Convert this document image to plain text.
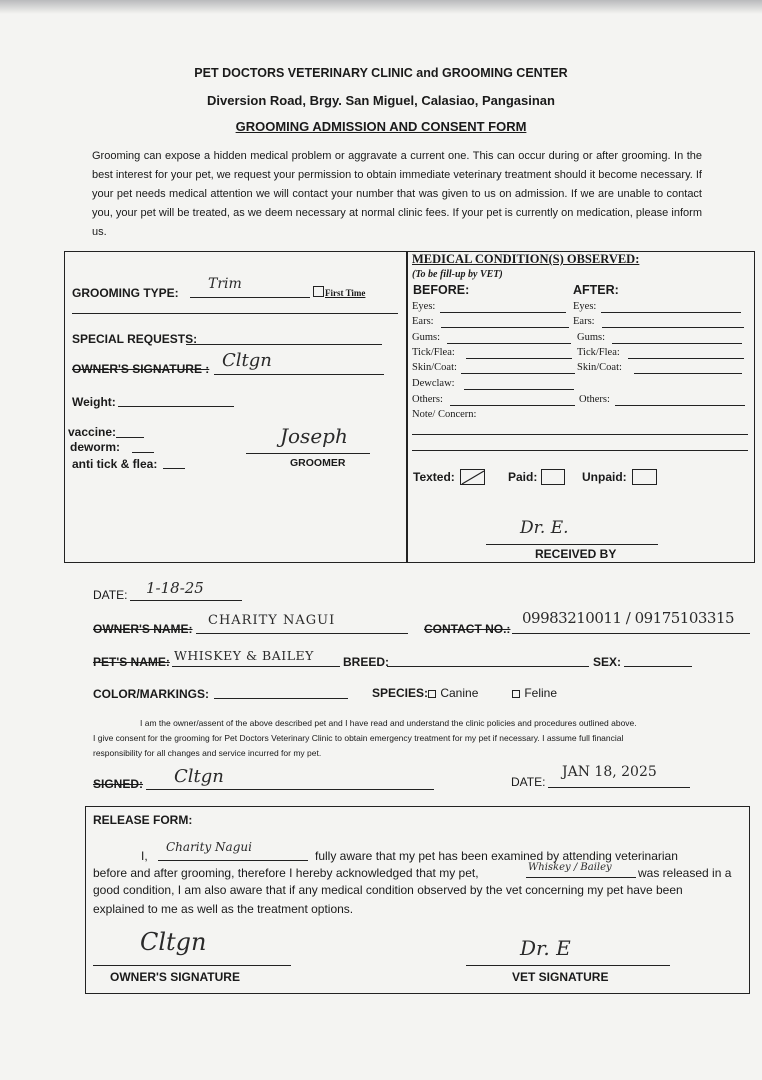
PET DOCTORS VETERINARY CLINIC and GROOMING CENTER
Diversion Road, Brgy. San Miguel, Calasiao, Pangasinan
GROOMING ADMISSION AND CONSENT FORM
Grooming can expose a hidden medical problem or aggravate a current one. This can occur during or after grooming. In the best interest for your pet, we request your permission to obtain immediate veterinary treatment should it become necessary. If your pet needs medical attention we will contact your number that was given to us on admission. If we are unable to contact you, your pet will be treated, as we deem necessary at normal clinic fees. If your pet is currently on medication, please inform us.
GROOMING TYPE:
Trim
First Time
SPECIAL REQUESTS:
OWNER'S SIGNATURE : Cltgn
Weight:
vaccine:
deworm:
anti tick & flea:
Joseph
GROOMER
MEDICAL CONDITION(S) OBSERVED:
(To be fill-up by VET)
BEFORE:	AFTER:
Eyes:
Ears:
Gums:
Tick/Flea:
Skin/Coat:
Dewclaw:
Others:
Eyes:
Ears:
Gums:
Tick/Flea:
Skin/Coat:
Others:
Note/ Concern:
Texted:	Paid:	Unpaid:
Dr. E.
RECEIVED BY
DATE: 1-18-25
OWNER'S NAME:
CHARITY NAGUI
CONTACT NO.:
09983210011 / 09175103315
PET'S NAME: WHISKEY & BAILEY BREED:	SEX:
COLOR/MARKINGS:	SPECIES:	Canine	Feline
I am the owner/assent of the above described pet and I have read and understand the clinic policies and procedures outlined above.
I give consent for the grooming for Pet Doctors Veterinary Clinic to obtain emergency treatment for my pet if necessary. I assume full financial
responsibility for all changes and service incurred for my pet.
SIGNED: Cltgn	DATE:
JAN 18, 2025
RELEASE FORM:
I,
Charity Nagui
fully aware that my pet has been examined by attending veterinarian
before and after grooming, therefore I hereby acknowledged that my pet,	Whiskey / Bailey was released in a
good condition, I am also aware that if any medical condition observed by the vet concerning my pet have been
explained to me as well as the treatment options.
Cltgn
OWNER'S SIGNATURE
Dr. E
VET SIGNATURE
